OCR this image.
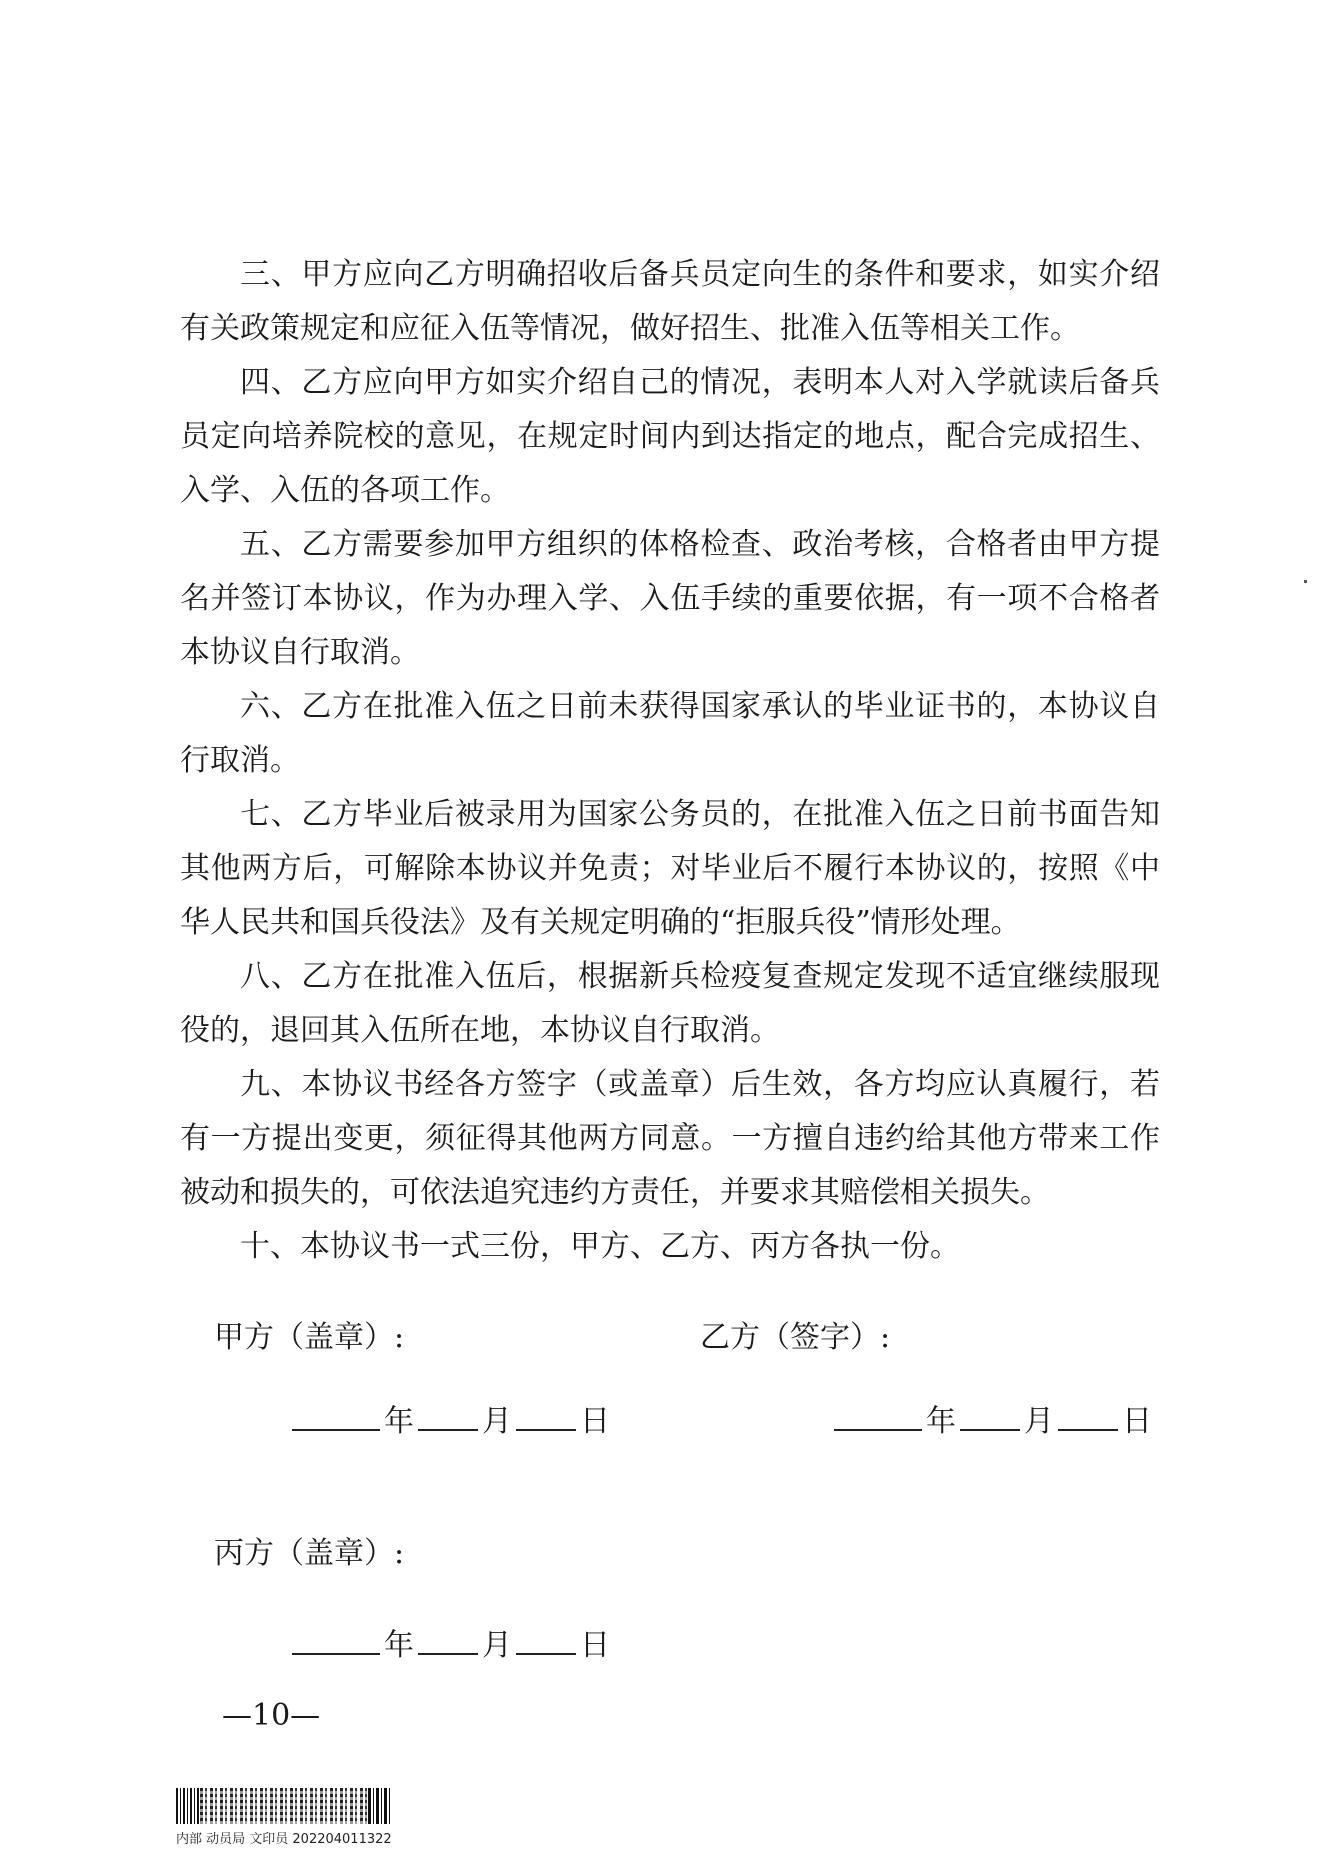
三、甲方应向乙方明确招收后备兵员定向生的条件和要求，如实介绍有关政策规定和应征入伍等情况，做好招生、批准入伍等相关工作。

四、乙方应向甲方如实介绍自己的情况，表明本人对入学就读后备兵员定向培养院校的意见，在规定时间内到达指定的地点，配合完成招生、入学、入伍的各项工作。

五、乙方需要参加甲方组织的体格检查、政治考核，合格者由甲方提名并签订本协议，作为办理入学、入伍手续的重要依据，有一项不合格者本协议自行取消。

六、乙方在批准入伍之日前未获得国家承认的毕业证书的，本协议自行取消。

七、乙方毕业后被录用为国家公务员的，在批准入伍之日前书面告知其他两方后，可解除本协议并免责；对毕业后不履行本协议的，按照《中华人民共和国兵役法》及有关规定明确的“拒服兵役”情形处理。

八、乙方在批准入伍后，根据新兵检疫复查规定发现不适宜继续服现役的，退回其入伍所在地，本协议自行取消。

九、本协议书经各方签字（或盖章）后生效，各方均应认真履行，若有一方提出变更，须征得其他两方同意。一方擅自违约给其他方带来工作被动和损失的，可依法追究违约方责任，并要求其赔偿相关损失。

十、本协议书一式三份，甲方、乙方、丙方各执一份。

甲方（盖章）:
年 月 日
乙方（签字）:
年 月 日
丙方（盖章）:
年 月 日
—10—
内部 动员局 文印员 202204011322
